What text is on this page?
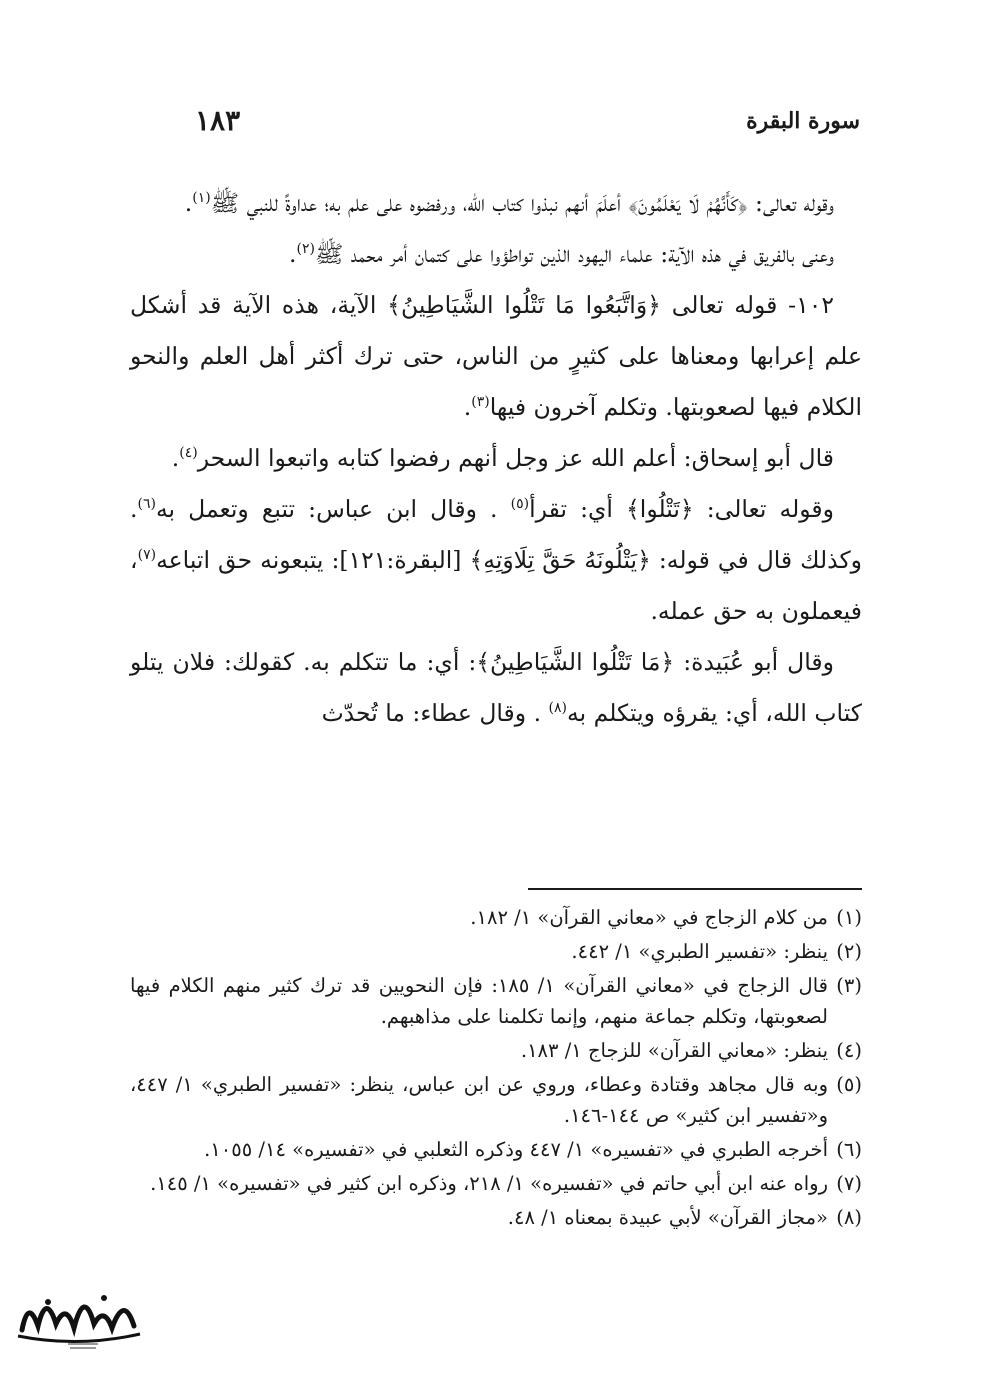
سورة البقرة
١٨٣

وقوله تعالى: ﴿كَأَنَّهُمْ لَا يَعْلَمُونَ﴾ أعلَمَ أنهم نبذوا كتاب الله، ورفضوه على علم به؛ عداوةً للنبي ﷺ$^{(١)}$.

وعنى بالفريق في هذه الآية: علماء اليهود الذين تواطؤوا على كتمان أمر محمد ﷺ$^{(٢)}$.

١٠٢- قوله تعالى ﴿وَاتَّبَعُوا مَا تَتْلُوا الشَّيَاطِينُ﴾ الآية، هذه الآية قد أشكل علم إعرابها ومعناها على كثيرٍ من الناس، حتى ترك أكثر أهل العلم والنحو الكلام فيها لصعوبتها. وتكلم آخرون فيها$^{(٣)}$.

قال أبو إسحاق: أعلم الله عز وجل أنهم رفضوا كتابه واتبعوا السحر$^{(٤)}$.

وقوله تعالى: ﴿تَتْلُوا﴾ أي: تقرأ$^{(٥)}$ . وقال ابن عباس: تتبع وتعمل به$^{(٦)}$. وكذلك قال في قوله: ﴿يَتْلُونَهُ حَقَّ تِلَاوَتِهِ﴾ [البقرة:١٢١]: يتبعونه حق اتباعه$^{(٧)}$، فيعملون به حق عمله.

وقال أبو عُبَيدة: ﴿مَا تَتْلُوا الشَّيَاطِينُ﴾: أي: ما تتكلم به. كقولك: فلان يتلو كتاب الله، أي: يقرؤه ويتكلم به$^{(٨)}$ . وقال عطاء: ما تُحدّث

(١)
من كلام الزجاج في «معاني القرآن» ١/ ١٨٢.
(٢)
ينظر: «تفسير الطبري» ١/ ٤٤٢.
(٣)
قال الزجاج في «معاني القرآن» ١/ ١٨٥: فإن النحويين قد ترك كثير منهم الكلام فيها لصعوبتها، وتكلم جماعة منهم، وإنما تكلمنا على مذاهبهم.
(٤)
ينظر: «معاني القرآن» للزجاج ١/ ١٨٣.
(٥)
وبه قال مجاهد وقتادة وعطاء، وروي عن ابن عباس، ينظر: «تفسير الطبري» ١/ ٤٤٧، و«تفسير ابن كثير» ص ١٤٤-١٤٦.
(٦)
أخرجه الطبري في «تفسيره» ١/ ٤٤٧ وذكره الثعلبي في «تفسيره» ١٤/ ١٠٥٥.
(٧)
رواه عنه ابن أبي حاتم في «تفسيره» ١/ ٢١٨، وذكره ابن كثير في «تفسيره» ١/ ١٤٥.
(٨)
«مجاز القرآن» لأبي عبيدة بمعناه ١/ ٤٨.
